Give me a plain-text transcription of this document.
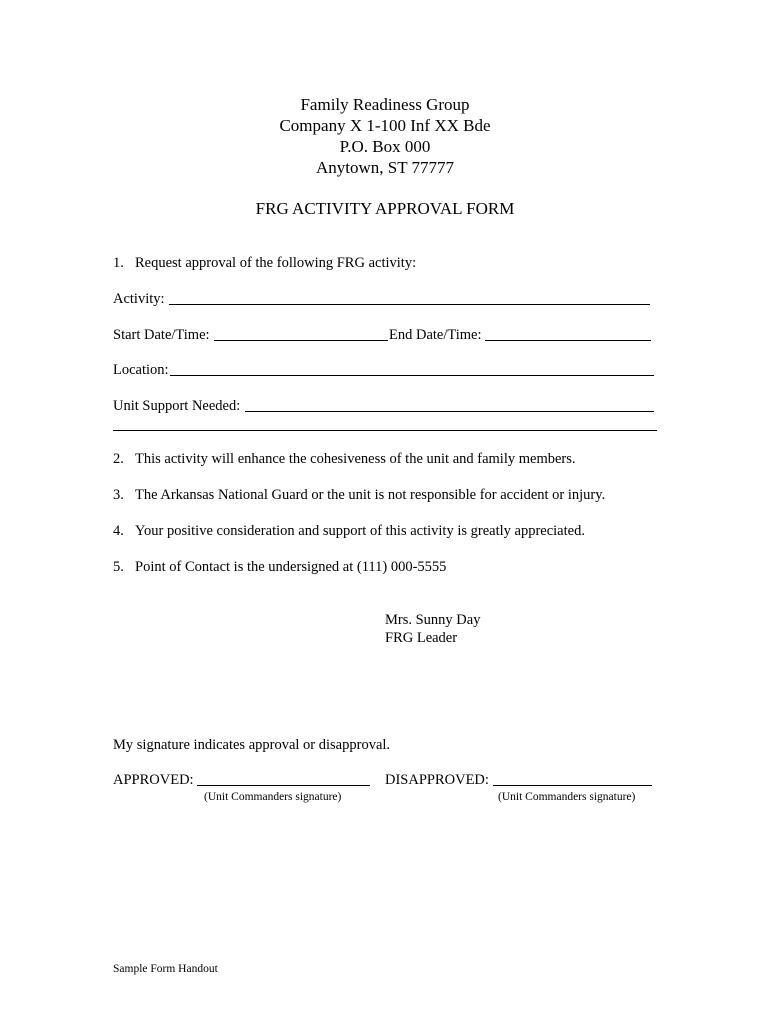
Family Readiness Group
Company X 1-100 Inf XX Bde
P.O. Box 000
Anytown, ST 77777
FRG ACTIVITY APPROVAL FORM
1. Request approval of the following FRG activity:
Activity:
Start Date/Time:	End Date/Time:
Location:
Unit Support Needed:
2. This activity will enhance the cohesiveness of the unit and family members.
3. The Arkansas National Guard or the unit is not responsible for accident or injury.
4. Your positive consideration and support of this activity is greatly appreciated.
5. Point of Contact is the undersigned at (111) 000-5555
Mrs. Sunny Day
FRG Leader
My signature indicates approval or disapproval.
APPROVED:
(Unit Commanders signature)
DISAPPROVED:
(Unit Commanders signature)
Sample Form Handout
